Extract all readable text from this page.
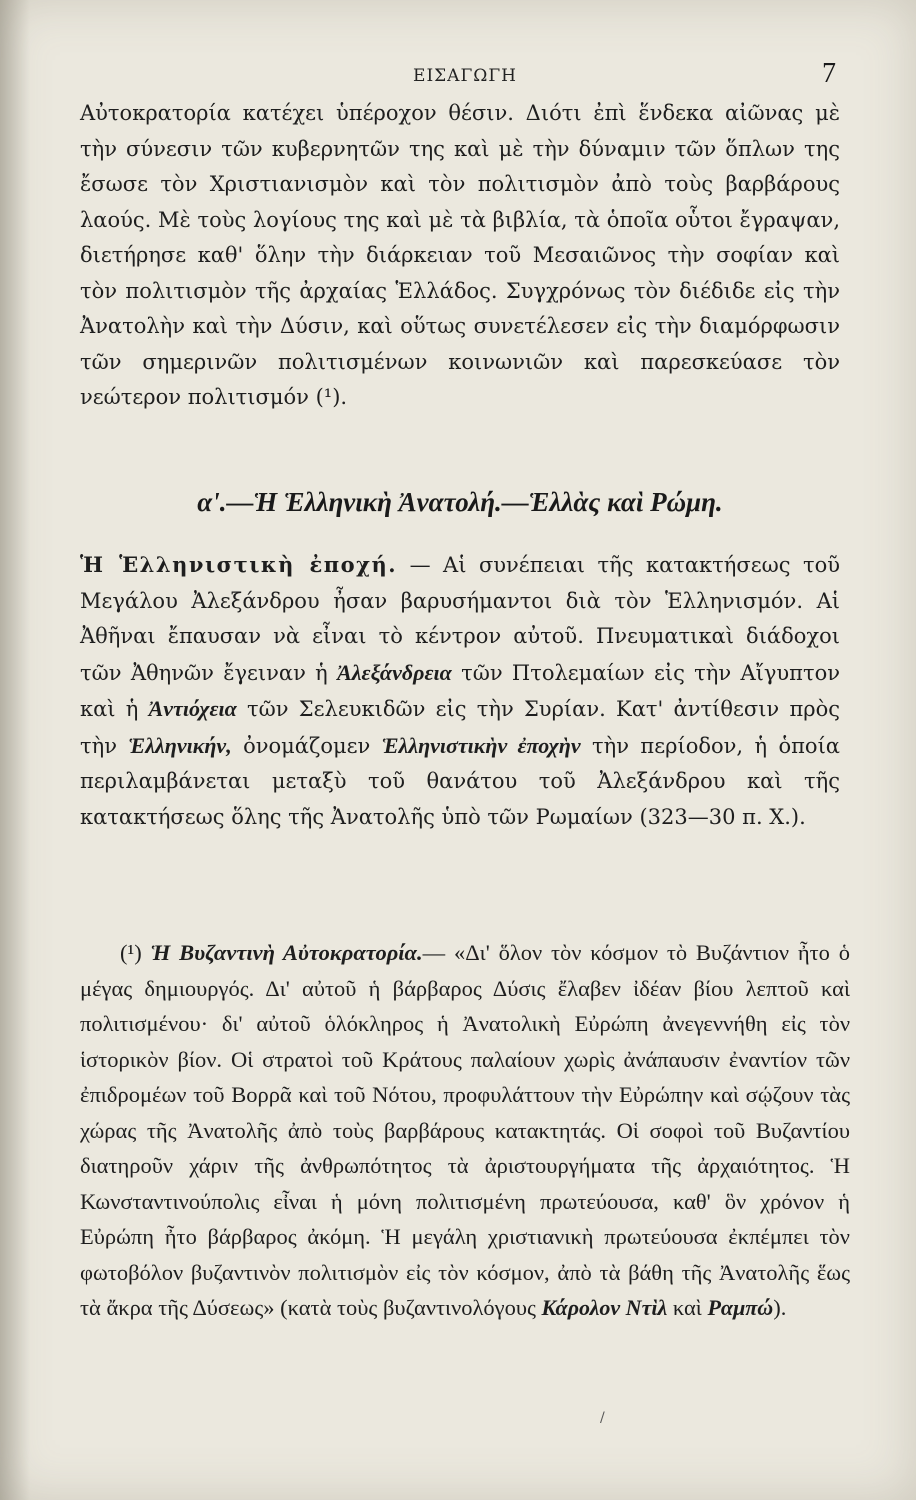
ΕΙΣΑΓΩΓΗ	7

Αὐτοκρατορία κατέχει ὑπέροχον θέσιν. Διότι ἐπὶ ἕνδεκα αἰῶνας μὲ τὴν σύνεσιν τῶν κυβερνητῶν της καὶ μὲ τὴν δύναμιν τῶν ὅπλων της ἔσωσε τὸν Χριστιανισμὸν καὶ τὸν πολιτισμὸν ἀπὸ τοὺς βαρβάρους λαούς. Μὲ τοὺς λογίους της καὶ μὲ τὰ βιβλία, τὰ ὁποῖα οὗτοι ἔγραψαν, διετήρησε καθ' ὅλην τὴν διάρκειαν τοῦ Μεσαιῶνος τὴν σοφίαν καὶ τὸν πολιτισμὸν τῆς ἀρχαίας Ἑλλάδος. Συγχρόνως τὸν διέδιδε εἰς τὴν Ἀνατολὴν καὶ τὴν Δύσιν, καὶ οὕτως συνετέλεσεν εἰς τὴν διαμόρφωσιν τῶν σημερινῶν πολιτισμένων κοινωνιῶν καὶ παρεσκεύασε τὸν νεώτερον πολιτισμόν (¹).

α'.—Ἡ Ἑλληνικὴ Ἀνατολή.—Ἑλλὰς καὶ Ρώμη.

Ἡ Ἑλληνιστικὴ ἐποχή. — Αἱ συνέπειαι τῆς κατακτήσεως τοῦ Μεγάλου Ἀλεξάνδρου ἦσαν βαρυσήμαντοι διὰ τὸν Ἑλληνισμόν. Αἱ Ἀθῆναι ἔπαυσαν νὰ εἶναι τὸ κέντρον αὐτοῦ. Πνευματικαὶ διάδοχοι τῶν Ἀθηνῶν ἔγειναν ἡ Ἀλεξάνδρεια τῶν Πτολεμαίων εἰς τὴν Αἴγυπτον καὶ ἡ Ἀντιόχεια τῶν Σελευκιδῶν εἰς τὴν Συρίαν. Κατ' ἀντίθεσιν πρὸς τὴν Ἑλληνικήν, ὀνομάζομεν Ἑλληνιστικὴν ἐποχὴν τὴν περίοδον, ἡ ὁποία περιλαμβάνεται μεταξὺ τοῦ θανάτου τοῦ Ἀλεξάνδρου καὶ τῆς κατακτήσεως ὅλης τῆς Ἀνατολῆς ὑπὸ τῶν Ρωμαίων (323—30 π. Χ.).

(¹) Ἡ Βυζαντινὴ Αὐτοκρατορία.— «Δι' ὅλον τὸν κόσμον τὸ Βυζάντιον ἦτο ὁ μέγας δημιουργός. Δι' αὐτοῦ ἡ βάρβαρος Δύσις ἔλαβεν ἰδέαν βίου λεπτοῦ καὶ πολιτισμένου· δι' αὐτοῦ ὁλόκληρος ἡ Ἀνατολικὴ Εὐρώπη ἀνεγεννήθη εἰς τὸν ἱστορικὸν βίον. Οἱ στρατοὶ τοῦ Κράτους παλαίουν χωρὶς ἀνάπαυσιν ἐναντίον τῶν ἐπιδρομέων τοῦ Βορρᾶ καὶ τοῦ Νότου, προφυλάττουν τὴν Εὐρώπην καὶ σῴζουν τὰς χώρας τῆς Ἀνατολῆς ἀπὸ τοὺς βαρβάρους κατακτητάς. Οἱ σοφοὶ τοῦ Βυζαντίου διατηροῦν χάριν τῆς ἀνθρωπότητος τὰ ἀριστουργήματα τῆς ἀρχαιότητος. Ἡ Κωνσταντινούπολις εἶναι ἡ μόνη πολιτισμένη πρωτεύουσα, καθ' ὃν χρόνον ἡ Εὐρώπη ἦτο βάρβαρος ἀκόμη. Ἡ μεγάλη χριστιανικὴ πρωτεύουσα ἐκπέμπει τὸν φωτοβόλον βυζαντινὸν πολιτισμὸν εἰς τὸν κόσμον, ἀπὸ τὰ βάθη τῆς Ἀνατολῆς ἕως τὰ ἄκρα τῆς Δύσεως» (κατὰ τοὺς βυζαντινολόγους Κάρολον Ντὶλ καὶ Ραμπώ).

/
